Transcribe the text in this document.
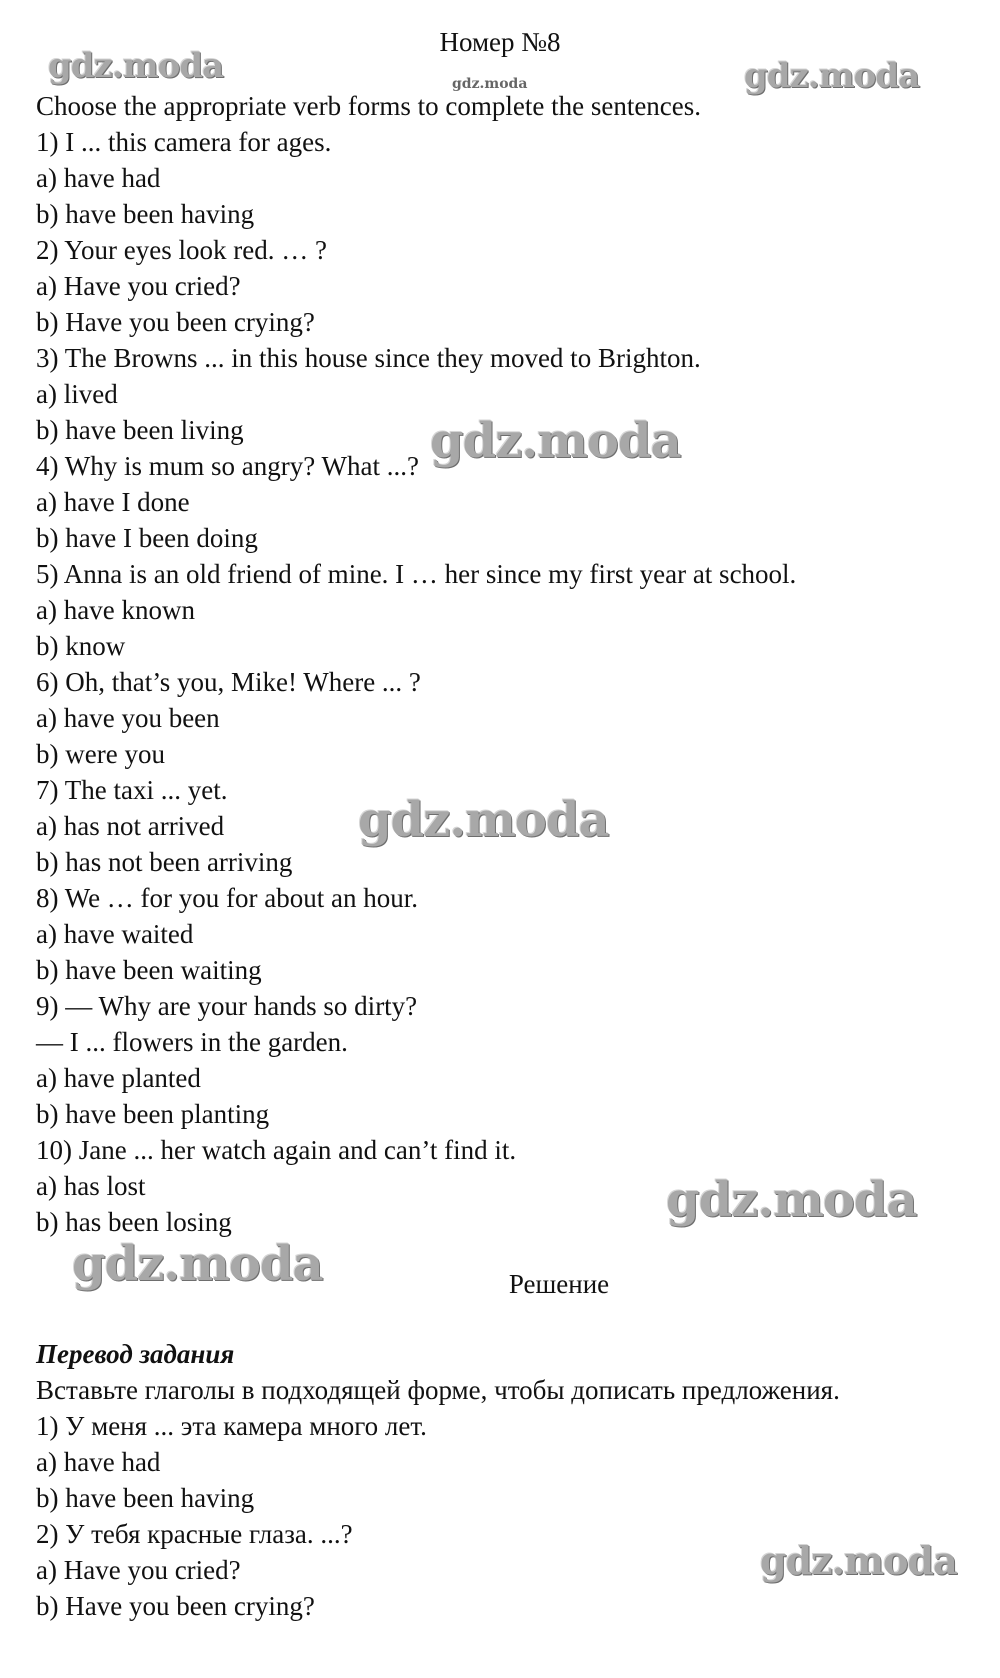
Номер №8
Choose the appropriate verb forms to complete the sentences.
1) I ... this camera for ages.
a) have had
b) have been having
2) Your eyes look red. … ?
a) Have you cried?
b) Have you been crying?
3) The Browns ... in this house since they moved to Brighton.
a) lived
b) have been living
4) Why is mum so angry? What ...?
a) have I done
b) have I been doing
5) Anna is an old friend of mine. I … her since my first year at school.
a) have known
b) know
6) Oh, that’s you, Mike! Where ... ?
a) have you been
b) were you
7) The taxi ... yet.
a) has not arrived
b) has not been arriving
8) We … for you for about an hour.
a) have waited
b) have been waiting
9) — Why are your hands so dirty?
— I ... flowers in the garden.
a) have planted
b) have been planting
10) Jane ... her watch again and can’t find it.
a) has lost
b) has been losing
Решение
Перевод задания
Вставьте глаголы в подходящей форме, чтобы дописать предложения.
1) У меня ... эта камера много лет.
a) have had
b) have been having
2) У тебя красные глаза. ...?
a) Have you cried?
b) Have you been crying?
gdz.moda	gdz.moda	gdz.moda
gdz.moda
gdz.moda
gdz.moda
gdz.moda
gdz.moda
